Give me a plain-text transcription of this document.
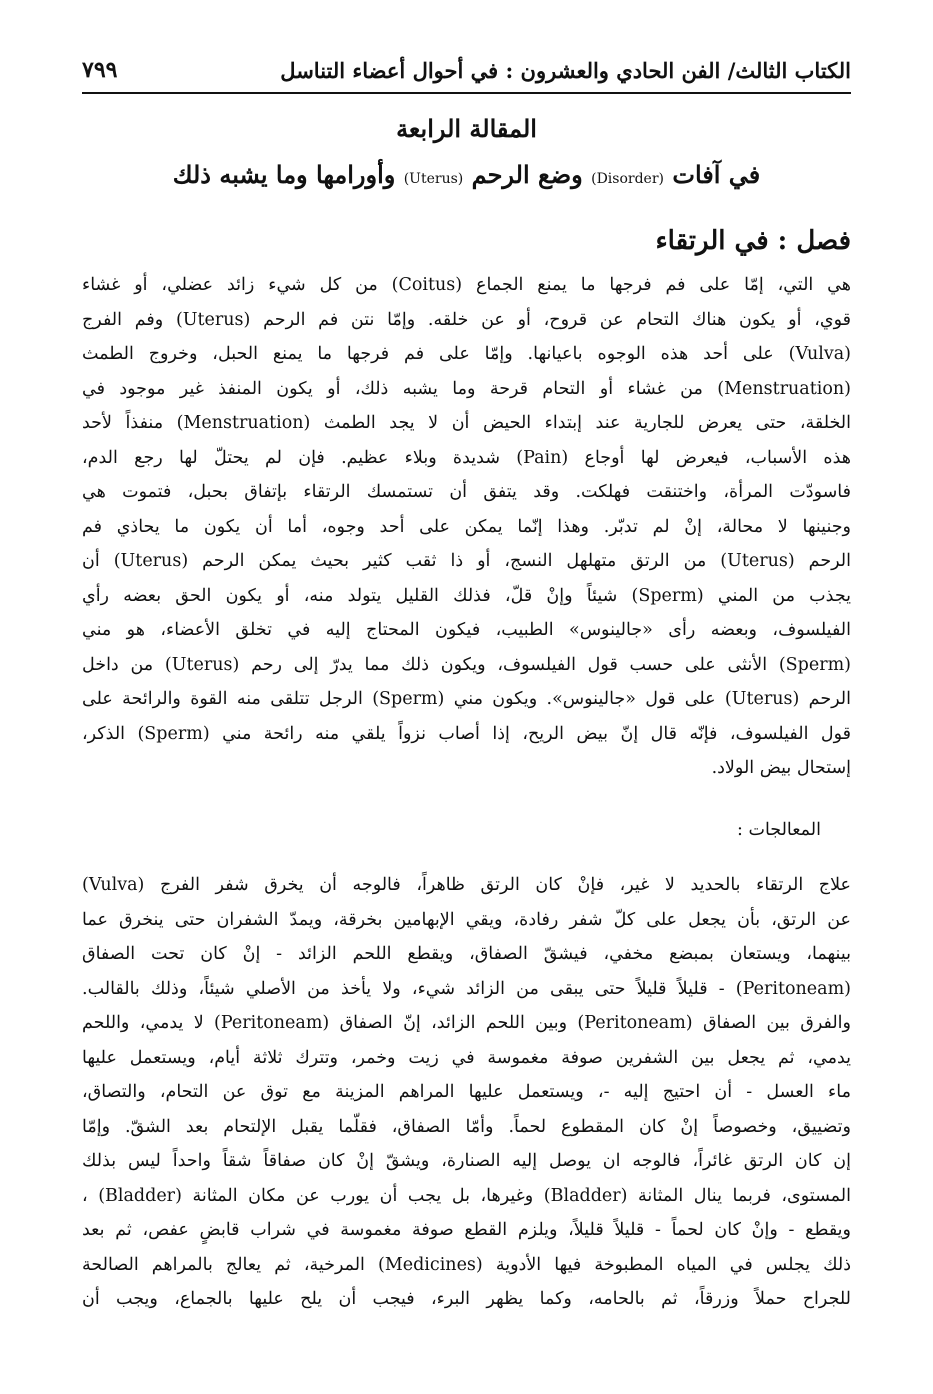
الكتاب الثالث/ الفن الحادي والعشرون : في أحوال أعضاء التناسل
٧٩٩
المقالة الرابعة
في آفات (Disorder) وضع الرحم (Uterus) وأورامها وما يشبه ذلك
فصل : في الرتقاء
هي التي، إمّا على فم فرجها ما يمنع الجماع (Coitus) من كل شيء زائد عضلي، أو غشاء
قوي، أو يكون هناك التحام عن قروح، أو عن خلقه. وإمّا نتن فم الرحم (Uterus) وفم الفرج
(Vulva) على أحد هذه الوجوه باعيانها. وإمّا على فم فرجها ما يمنع الحبل، وخروج الطمث
(Menstruation) من غشاء أو التحام قرحة وما يشبه ذلك، أو يكون المنفذ غير موجود في
الخلقة، حتى يعرض للجارية عند إبتداء الحيض أن لا يجد الطمث (Menstruation) منفذاً لأحد
هذه الأسباب، فيعرض لها أوجاع (Pain) شديدة وبلاء عظيم. فإن لم يحتلّ لها رجع الدم،
فاسودّت المرأة، واختنقت فهلكت. وقد يتفق أن تستمسك الرتقاء بإتفاق بحبل، فتموت هي
وجنينها لا محالة، إنْ لم تدبّر. وهذا إنّما يمكن على أحد وجوه، أما أن يكون ما يحاذي فم
الرحم (Uterus) من الرتق متهلهل النسج، أو ذا ثقب كثير بحيث يمكن الرحم (Uterus) أن
يجذب من المني (Sperm) شيئاً وإنْ قلّ، فذلك القليل يتولد منه، أو يكون الحق بعضه رأي
الفيلسوف، وبعضه رأى «جالينوس» الطبيب، فيكون المحتاج إليه في تخلق الأعضاء، هو مني
(Sperm) الأنثى على حسب قول الفيلسوف، ويكون ذلك مما يدرّ إلى رحم (Uterus) من داخل
الرحم (Uterus) على قول «جالينوس». ويكون مني (Sperm) الرجل تتلقى منه القوة والرائحة على
قول الفيلسوف، فإنّه قال إنّ بيض الريح، إذا أصاب نزواً يلقي منه رائحة مني (Sperm) الذكر،
إستحال بيض الولاد.
المعالجات :
علاج الرتقاء بالحديد لا غير، فإنْ كان الرتق ظاهراً، فالوجه أن يخرق شفر الفرج (Vulva)
عن الرتق، بأن يجعل على كلّ شفر رفادة، ويقي الإبهامين بخرقة، ويمدّ الشفران حتى ينخرق عما
بينهما، ويستعان بمبضع مخفي، فيشقّ الصفاق، ويقطع اللحم الزائد - إنْ كان تحت الصفاق
(Peritoneam) - قليلاً قليلاً حتى يبقى من الزائد شيء، ولا يأخذ من الأصلي شيئاً، وذلك بالقالب.
والفرق بين الصفاق (Peritoneam) وبين اللحم الزائد، إنّ الصفاق (Peritoneam) لا يدمي، واللحم
يدمي، ثم يجعل بين الشفرين صوفة مغموسة في زيت وخمر، وتترك ثلاثة أيام، ويستعمل عليها
ماء العسل - أن احتيج إليه -، ويستعمل عليها المراهم المزينة مع توق عن التحام، والتصاق،
وتضييق، وخصوصاً إنْ كان المقطوع لحماً. وأمّا الصفاق، فقلّما يقبل الإلتحام بعد الشقّ. وإمّا
إن كان الرتق غائراً، فالوجه ان يوصل إليه الصنارة، ويشقّ إنْ كان صفاقاً شقاً واحداً ليس بذلك
المستوى، فربما ينال المثانة (Bladder) وغيرها، بل يجب أن يورب عن مكان المثانة (Bladder) ،
ويقطع - وإنْ كان لحماً - قليلاً قليلاً، ويلزم القطع صوفة مغموسة في شراب قابضٍ عفص، ثم بعد
ذلك يجلس في المياه المطبوخة فيها الأدوية (Medicines) المرخية، ثم يعالج بالمراهم الصالحة
للجراح حملاً وزرقاً، ثم بالحامه، وكما يظهر البرء، فيجب أن يلح عليها بالجماع، ويجب أن
